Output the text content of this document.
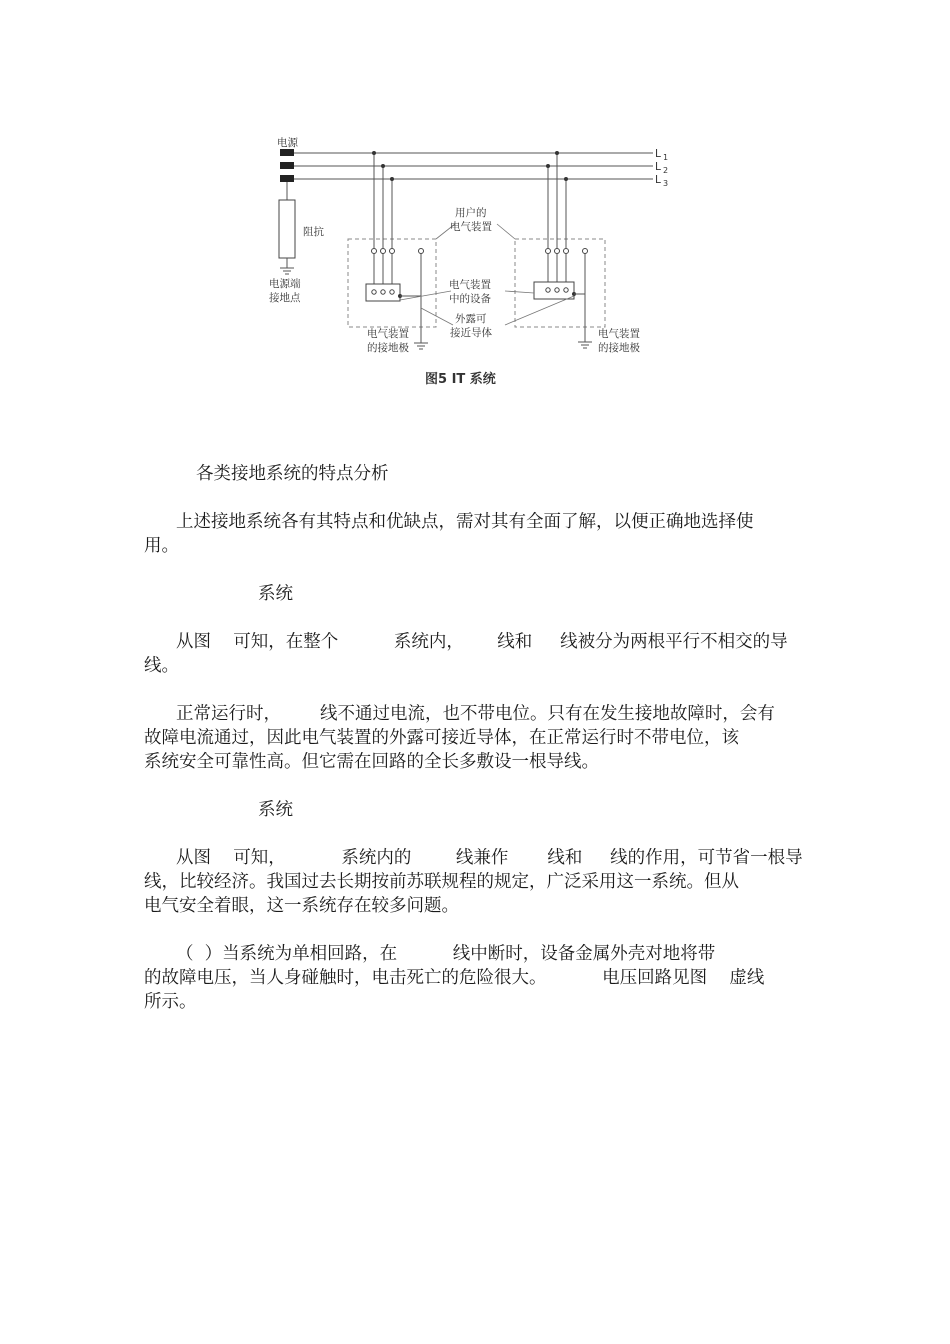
电源
L 1
L 2
L 3
阻抗
电源端
接地点
用户的
电气装置
电气装置
中的设备
外露可
接近导体
电气装置
的接地极
电气装置
的接地极
图5 IT 系统
各类接地系统的特点分析
上述接地系统各有其特点和优缺点，需对其有全面了解，以便正确地选择使
用。
系统
从图    可知，在整个          系统内，      线和     线被分为两根平行不相交的导
线。
正常运行时，       线不通过电流，也不带电位。只有在发生接地故障时，会有
故障电流通过，因此电气装置的外露可接近导体，在正常运行时不带电位，该
系统安全可靠性高。但它需在回路的全长多敷设一根导线。
系统
从图    可知，          系统内的        线兼作       线和     线的作用，可节省一根导
线，比较经济。我国过去长期按前苏联规程的规定，广泛采用这一系统。但从
电气安全着眼，这一系统存在较多问题。
（  ）当系统为单相回路，在          线中断时，设备金属外壳对地将带
的故障电压，当人身碰触时，电击死亡的危险很大。          电压回路见图    虚线
所示。
